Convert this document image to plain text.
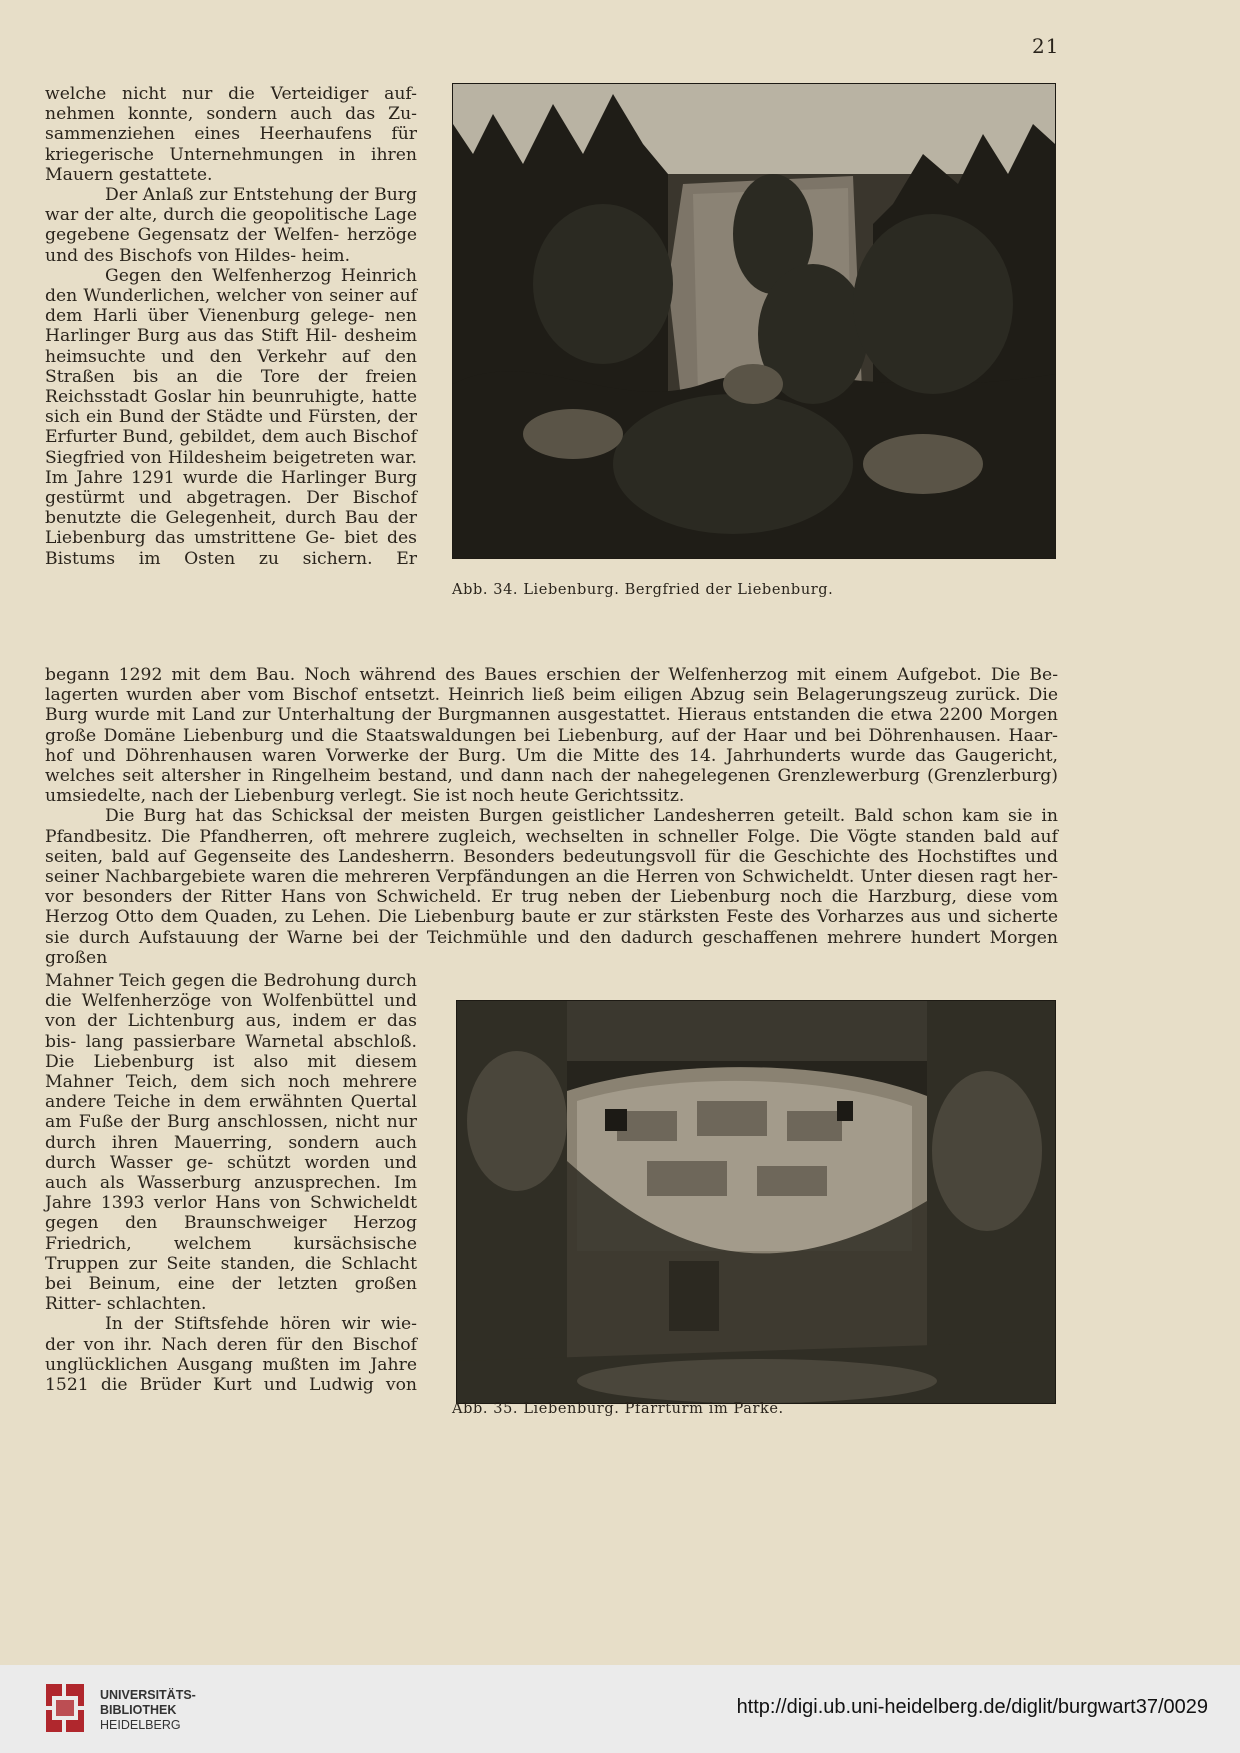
21

welche nicht nur die Verteidiger auf- nehmen konnte, sondern auch das Zu- sammenziehen eines Heerhaufens für kriegerische Unternehmungen in ihren Mauern gestattete.

Der Anlaß zur Entstehung der Burg war der alte, durch die geopolitische Lage gegebene Gegensatz der Welfen- herzöge und des Bischofs von Hildes- heim.

Gegen den Welfenherzog Heinrich den Wunderlichen, welcher von seiner auf dem Harli über Vienenburg gelege- nen Harlinger Burg aus das Stift Hil- desheim heimsuchte und den Verkehr auf den Straßen bis an die Tore der freien Reichsstadt Goslar hin beunruhigte, hatte sich ein Bund der Städte und Fürsten, der Erfurter Bund, gebildet, dem auch Bischof Siegfried von Hildesheim beigetreten war. Im Jahre 1291 wurde die Harlinger Burg gestürmt und abgetragen. Der Bischof benutzte die Gelegenheit, durch Bau der Liebenburg das umstrittene Ge- biet des Bistums im Osten zu sichern. Er

Abb. 34. Liebenburg. Bergfried der Liebenburg.

begann 1292 mit dem Bau. Noch während des Baues erschien der Welfenherzog mit einem Aufgebot. Die Be- lagerten wurden aber vom Bischof entsetzt. Heinrich ließ beim eiligen Abzug sein Belagerungszeug zurück. Die Burg wurde mit Land zur Unterhaltung der Burgmannen ausgestattet. Hieraus entstanden die etwa 2200 Morgen große Domäne Liebenburg und die Staatswaldungen bei Liebenburg, auf der Haar und bei Döhrenhausen. Haar- hof und Döhrenhausen waren Vorwerke der Burg. Um die Mitte des 14. Jahrhunderts wurde das Gaugericht, welches seit altersher in Ringelheim bestand, und dann nach der nahegelegenen Grenzlewerburg (Grenzlerburg) umsiedelte, nach der Liebenburg verlegt. Sie ist noch heute Gerichtssitz.

Die Burg hat das Schicksal der meisten Burgen geistlicher Landesherren geteilt. Bald schon kam sie in Pfandbesitz. Die Pfandherren, oft mehrere zugleich, wechselten in schneller Folge. Die Vögte standen bald auf seiten, bald auf Gegenseite des Landesherrn. Besonders bedeutungsvoll für die Geschichte des Hochstiftes und seiner Nachbargebiete waren die mehreren Verpfändungen an die Herren von Schwicheldt. Unter diesen ragt her- vor besonders der Ritter Hans von Schwicheld. Er trug neben der Liebenburg noch die Harzburg, diese vom Herzog Otto dem Quaden, zu Lehen. Die Liebenburg baute er zur stärksten Feste des Vorharzes aus und sicherte sie durch Aufstauung der Warne bei der Teichmühle und den dadurch geschaffenen mehrere hundert Morgen großen

Mahner Teich gegen die Bedrohung durch die Welfenherzöge von Wolfenbüttel und von der Lichtenburg aus, indem er das bis- lang passierbare Warnetal abschloß. Die Liebenburg ist also mit diesem Mahner Teich, dem sich noch mehrere andere Teiche in dem erwähnten Quertal am Fuße der Burg anschlossen, nicht nur durch ihren Mauerring, sondern auch durch Wasser ge- schützt worden und auch als Wasserburg anzusprechen. Im Jahre 1393 verlor Hans von Schwicheldt gegen den Braunschweiger Herzog Friedrich, welchem kursächsische Truppen zur Seite standen, die Schlacht bei Beinum, eine der letzten großen Ritter- schlachten.

In der Stiftsfehde hören wir wie- der von ihr. Nach deren für den Bischof unglücklichen Ausgang mußten im Jahre 1521 die Brüder Kurt und Ludwig von

Abb. 35. Liebenburg. Pfarrturm im Parke.
UNIVERSITÄTS-
BIBLIOTHEK
HEIDELBERG
http://digi.ub.uni-heidelberg.de/diglit/burgwart37/0029
